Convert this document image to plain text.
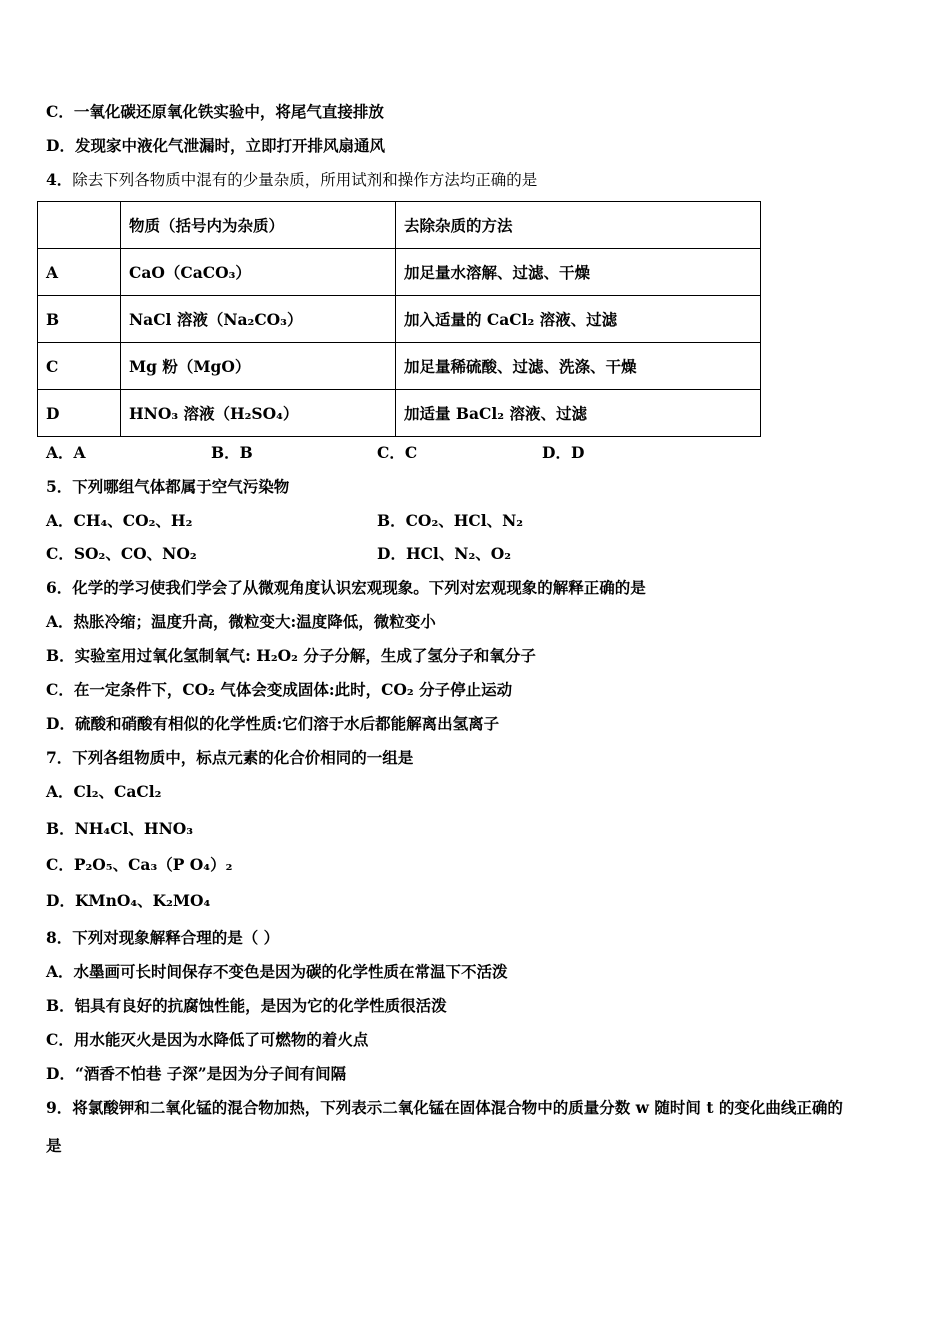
C．一氧化碳还原氧化铁实验中，将尾气直接排放
D．发现家中液化气泄漏时，立即打开排风扇通风
4．除去下列各物质中混有的少量杂质，所用试剂和操作方法均正确的是
	物质（括号内为杂质）	去除杂质的方法
A	CaO（CaCO₃）	加足量水溶解、过滤、干燥
B	NaCl 溶液（Na₂CO₃）	加入适量的 CaCl₂ 溶液、过滤
C	Mg 粉（MgO）	加足量稀硫酸、过滤、洗涤、干燥
D	HNO₃ 溶液（H₂SO₄）	加适量 BaCl₂ 溶液、过滤
A．A	B．B	C．C	D．D
5．下列哪组气体都属于空气污染物
A．CH₄、CO₂、H₂	B．CO₂、HCl、N₂
C．SO₂、CO、NO₂	D．HCl、N₂、O₂
6．化学的学习使我们学会了从微观角度认识宏观现象。下列对宏观现象的解释正确的是
A．热胀冷缩；温度升高，微粒变大:温度降低，微粒变小
B．实验室用过氧化氢制氧气: H₂O₂ 分子分解，生成了氢分子和氧分子
C．在一定条件下，CO₂ 气体会变成固体:此时，CO₂ 分子停止运动
D．硫酸和硝酸有相似的化学性质:它们溶于水后都能解离出氢离子
7．下列各组物质中，标点元素的化合价相同的一组是
A．Cl₂、CaCl₂
B．NH₄Cl、HNO₃
C．P₂O₅、Ca₃（P O₄）₂
D．KMnO₄、K₂MO₄
8．下列对现象解释合理的是（ ）
A．水墨画可长时间保存不变色是因为碳的化学性质在常温下不活泼
B．铝具有良好的抗腐蚀性能，是因为它的化学性质很活泼
C．用水能灭火是因为水降低了可燃物的着火点
D．“酒香不怕巷 子深”是因为分子间有间隔
9．将氯酸钾和二氧化锰的混合物加热，下列表示二氧化锰在固体混合物中的质量分数 w 随时间 t 的变化曲线正确的
是
